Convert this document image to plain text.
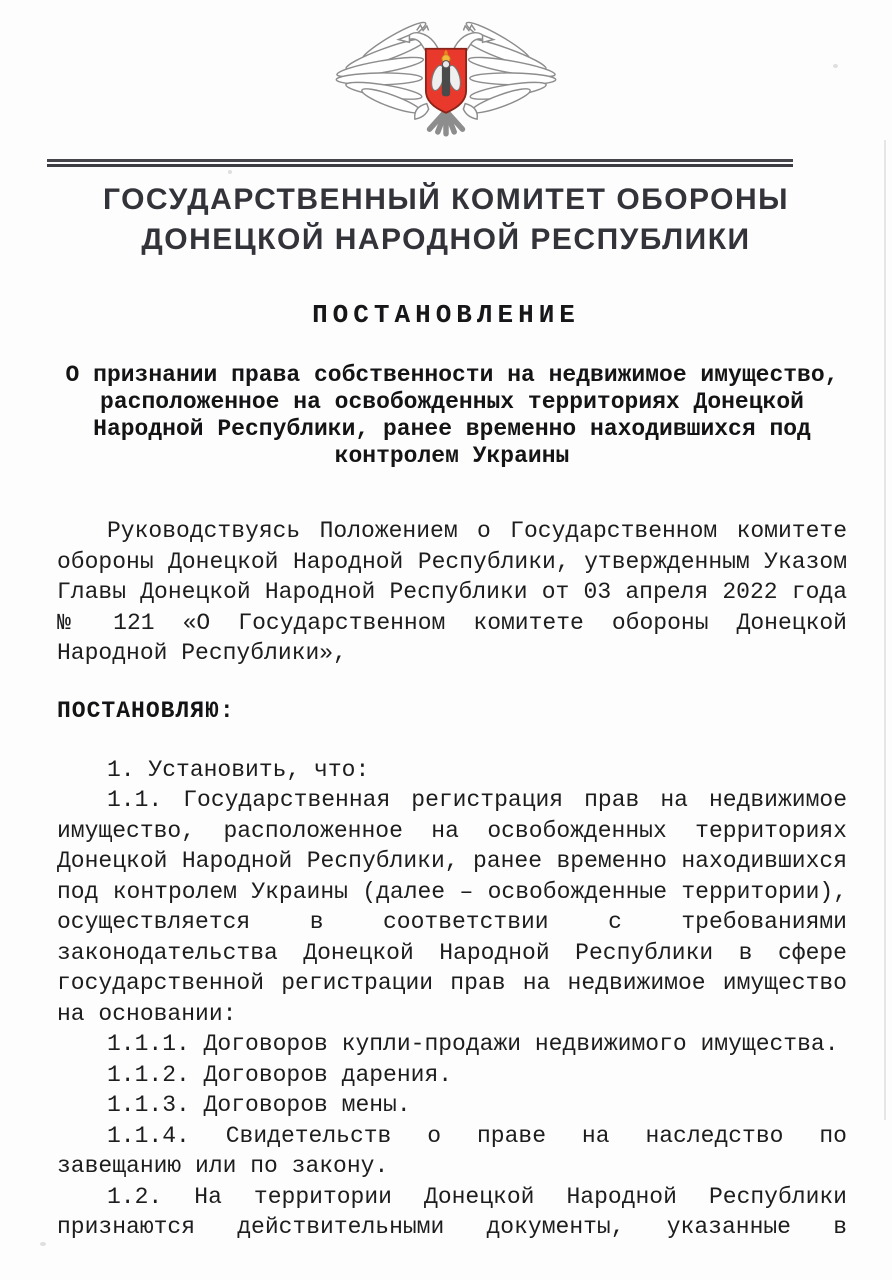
ГОСУДАРСТВЕННЫЙ КОМИТЕТ ОБОРОНЫ
ДОНЕЦКОЙ НАРОДНОЙ РЕСПУБЛИКИ
ПОСТАНОВЛЕНИЕ

О признании права собственности на недвижимое имущество, расположенное на освобожденных территориях Донецкой Народной Республики, ранее временно находившихся под контролем Украины

Руководствуясь Положением о Государственном комитете обороны Донецкой Народной Республики, утвержденным Указом Главы Донецкой Народной Республики от 03 апреля 2022 года № 121 «О Государственном комитете обороны Донецкой Народной Республики»,

ПОСТАНОВЛЯЮ:

1. Установить, что:

1.1. Государственная регистрация прав на недвижимое имущество, расположенное на освобожденных территориях Донецкой Народной Республики, ранее временно находившихся под контролем Украины (далее – освобожденные территории), осуществляется в соответствии с требованиями законодательства Донецкой Народной Республики в сфере государственной регистрации прав на недвижимое имущество на основании:

1.1.1. Договоров купли-продажи недвижимого имущества.

1.1.2. Договоров дарения.

1.1.3. Договоров мены.

1.1.4. Свидетельств о праве на наследство по завещанию или по закону.

1.2. На территории Донецкой Народной Республики признаются действительными документы, указанные в
